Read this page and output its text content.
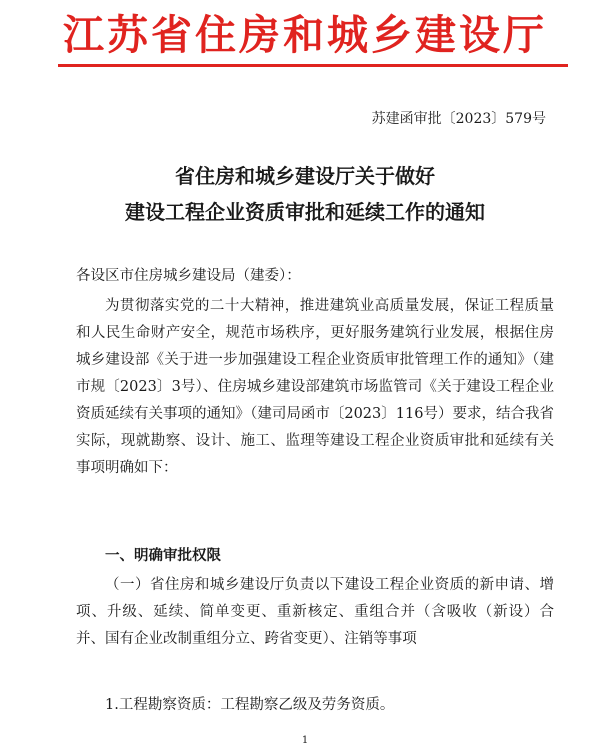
江苏省住房和城乡建设厅
苏建函审批〔2023〕579号
省住房和城乡建设厅关于做好
建设工程企业资质审批和延续工作的通知
各设区市住房城乡建设局（建委）：

为贯彻落实党的二十大精神，推进建筑业高质量发展，保证工程质量和人民生命财产安全，规范市场秩序，更好服务建筑行业发展，根据住房城乡建设部《关于进一步加强建设工程企业资质审批管理工作的通知》（建市规〔2023〕3号）、住房城乡建设部建筑市场监管司《关于建设工程企业资质延续有关事项的通知》（建司局函市〔2023〕116号）要求，结合我省实际，现就勘察、设计、施工、监理等建设工程企业资质审批和延续有关事项明确如下：

一、明确审批权限

（一）省住房和城乡建设厅负责以下建设工程企业资质的新申请、增项、升级、延续、简单变更、重新核定、重组合并（含吸收（新设）合并、国有企业改制重组分立、跨省变更）、注销等事项

1.工程勘察资质：工程勘察乙级及劳务资质。
1
